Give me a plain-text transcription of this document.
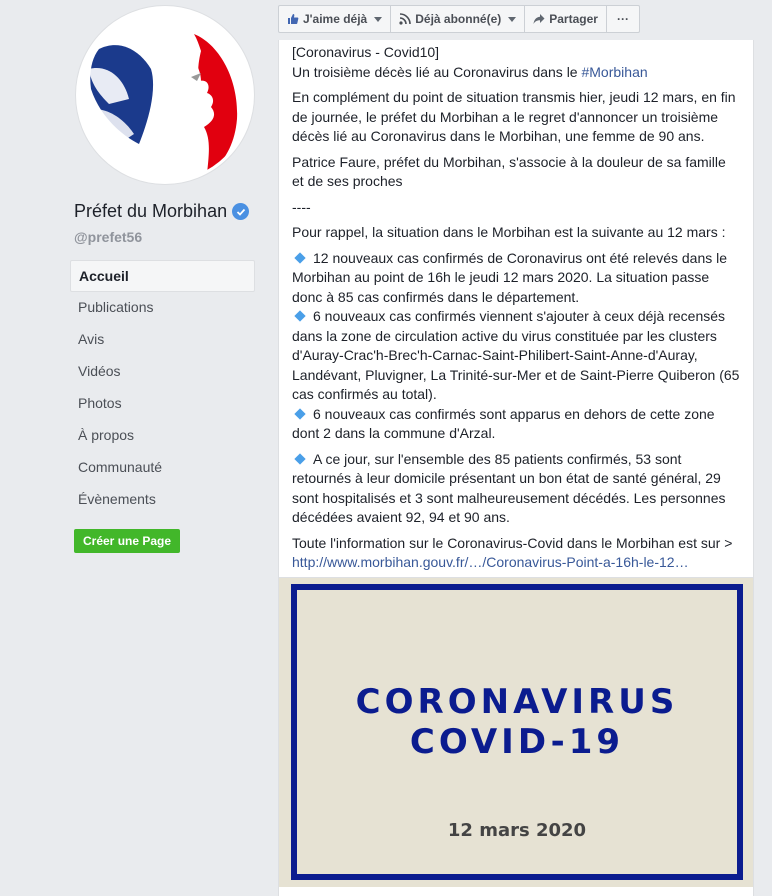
Préfet du Morbihan
@prefet56
Accueil
Publications
Avis
Vidéos
Photos
À propos
Communauté
Évènements
Créer une Page
J'aime déjà	Déjà abonné(e)	Partager ···

[Coronavirus - Covid10]
Un troisième décès lié au Coronavirus dans le #Morbihan

En complément du point de situation transmis hier, jeudi 12 mars, en fin de journée, le préfet du Morbihan a le regret d'annoncer un troisième décès lié au Coronavirus dans le Morbihan, une femme de 90 ans.

Patrice Faure, préfet du Morbihan, s'associe à la douleur de sa famille et de ses proches

----

Pour rappel, la situation dans le Morbihan est la suivante au 12 mars :

12 nouveaux cas confirmés de Coronavirus ont été relevés dans le Morbihan au point de 16h le jeudi 12 mars 2020. La situation passe donc à 85 cas confirmés dans le département.
6 nouveaux cas confirmés viennent s'ajouter à ceux déjà recensés dans la zone de circulation active du virus constituée par les clusters d'Auray-Crac'h-Brec'h-Carnac-Saint-Philibert-Saint-Anne-d'Auray, Landévant, Pluvigner, La Trinité-sur-Mer et de Saint-Pierre Quiberon (65 cas confirmés au total).
6 nouveaux cas confirmés sont apparus en dehors de cette zone dont 2 dans la commune d'Arzal.

A ce jour, sur l'ensemble des 85 patients confirmés, 53 sont retournés à leur domicile présentant un bon état de santé général, 29 sont hospitalisés et 3 sont malheureusement décédés. Les personnes décédées avaient 92, 94 et 90 ans.

Toute l'information sur le Coronavirus-Covid dans le Morbihan est sur >
http://www.morbihan.gouv.fr/…/Coronavirus-Point-a-16h-le-12…

CORONAVIRUS
COVID-19
12 mars 2020
